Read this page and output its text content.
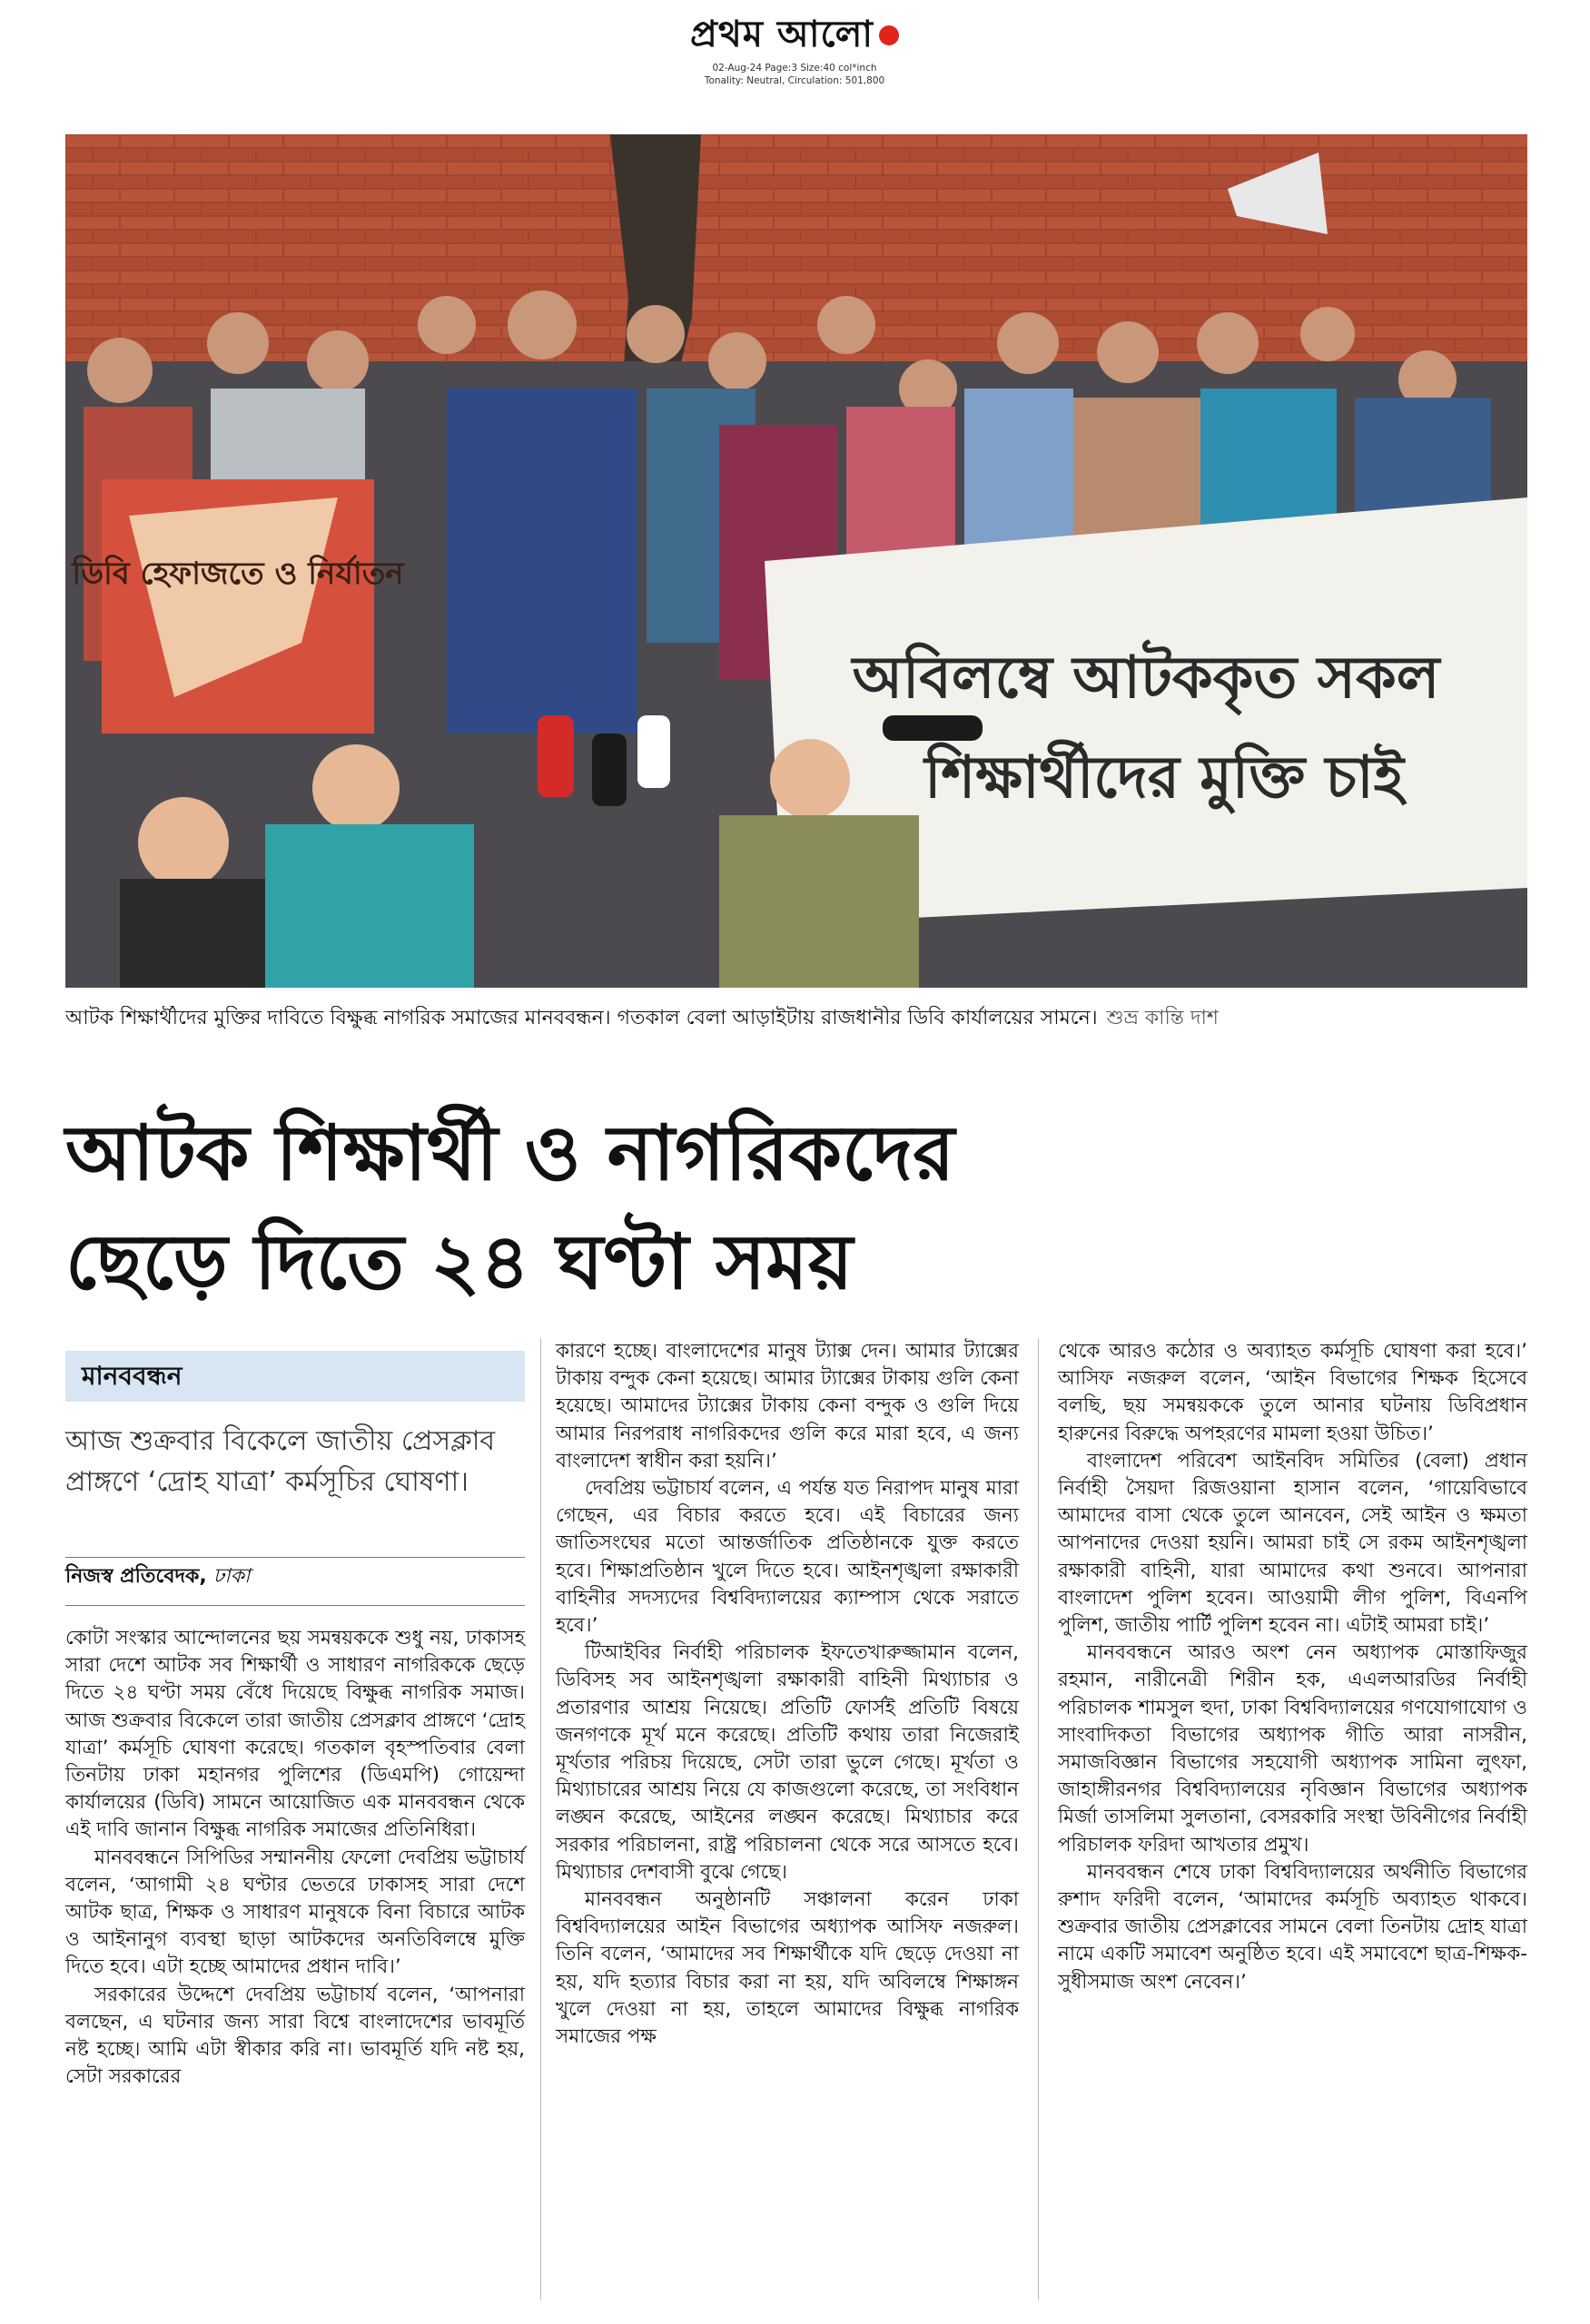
প্রথম আলো
02-Aug-24 Page:3 Size:40 col*inch
Tonality: Neutral, Circulation: 501,800
ডিবি হেফাজতে ও নির্যাতন
অবিলম্বে আটককৃত সকল
শিক্ষার্থীদের মুক্তি চাই
আটক শিক্ষার্থীদের মুক্তির দাবিতে বিক্ষুব্ধ নাগরিক সমাজের মানববন্ধন। গতকাল বেলা আড়াইটায় রাজধানীর ডিবি কার্যালয়ের সামনে। শুভ্র কান্তি দাশ
আটক শিক্ষার্থী ও নাগরিকদের
ছেড়ে দিতে ২৪ ঘণ্টা সময়
মানববন্ধন
আজ শুক্রবার বিকেলে জাতীয় প্রেসক্লাব প্রাঙ্গণে ‘দ্রোহ যাত্রা’ কর্মসূচির ঘোষণা।
নিজস্ব প্রতিবেদক, ঢাকা

কোটা সংস্কার আন্দোলনের ছয় সমন্বয়ককে শুধু নয়, ঢাকাসহ সারা দেশে আটক সব শিক্ষার্থী ও সাধারণ নাগরিককে ছেড়ে দিতে ২৪ ঘণ্টা সময় বেঁধে দিয়েছে বিক্ষুব্ধ নাগরিক সমাজ। আজ শুক্রবার বিকেলে তারা জাতীয় প্রেসক্লাব প্রাঙ্গণে ‘দ্রোহ যাত্রা’ কর্মসূচি ঘোষণা করেছে। গতকাল বৃহস্পতিবার বেলা তিনটায় ঢাকা মহানগর পুলিশের (ডিএমপি) গোয়েন্দা কার্যালয়ের (ডিবি) সামনে আয়োজিত এক মানববন্ধন থেকে এই দাবি জানান বিক্ষুব্ধ নাগরিক সমাজের প্রতিনিধিরা।

মানববন্ধনে সিপিডির সম্মাননীয় ফেলো দেবপ্রিয় ভট্টাচার্য বলেন, ‘আগামী ২৪ ঘণ্টার ভেতরে ঢাকাসহ সারা দেশে আটক ছাত্র, শিক্ষক ও সাধারণ মানুষকে বিনা বিচারে আটক ও আইনানুগ ব্যবস্থা ছাড়া আটকদের অনতিবিলম্বে মুক্তি দিতে হবে। এটা হচ্ছে আমাদের প্রধান দাবি।’

সরকারের উদ্দেশে দেবপ্রিয় ভট্টাচার্য বলেন, ‘আপনারা বলছেন, এ ঘটনার জন্য সারা বিশ্বে বাংলাদেশের ভাবমূর্তি নষ্ট হচ্ছে। আমি এটা স্বীকার করি না। ভাবমূর্তি যদি নষ্ট হয়, সেটা সরকারের

কারণে হচ্ছে। বাংলাদেশের মানুষ ট্যাক্স দেন। আমার ট্যাক্সের টাকায় বন্দুক কেনা হয়েছে। আমার ট্যাক্সের টাকায় গুলি কেনা হয়েছে। আমাদের ট্যাক্সের টাকায় কেনা বন্দুক ও গুলি দিয়ে আমার নিরপরাধ নাগরিকদের গুলি করে মারা হবে, এ জন্য বাংলাদেশ স্বাধীন করা হয়নি।’

দেবপ্রিয় ভট্টাচার্য বলেন, এ পর্যন্ত যত নিরাপদ মানুষ মারা গেছেন, এর বিচার করতে হবে। এই বিচারের জন্য জাতিসংঘের মতো আন্তর্জাতিক প্রতিষ্ঠানকে যুক্ত করতে হবে। শিক্ষাপ্রতিষ্ঠান খুলে দিতে হবে। আইনশৃঙ্খলা রক্ষাকারী বাহিনীর সদস্যদের বিশ্ববিদ্যালয়ের ক্যাম্পাস থেকে সরাতে হবে।’

টিআইবির নির্বাহী পরিচালক ইফতেখারুজ্জামান বলেন, ডিবিসহ সব আইনশৃঙ্খলা রক্ষাকারী বাহিনী মিথ্যাচার ও প্রতারণার আশ্রয় নিয়েছে। প্রতিটি ফোর্সই প্রতিটি বিষয়ে জনগণকে মূর্খ মনে করেছে। প্রতিটি কথায় তারা নিজেরাই মূর্খতার পরিচয় দিয়েছে, সেটা তারা ভুলে গেছে। মূর্খতা ও মিথ্যাচারের আশ্রয় নিয়ে যে কাজগুলো করেছে, তা সংবিধান লঙ্ঘন করেছে, আইনের লঙ্ঘন করেছে। মিথ্যাচার করে সরকার পরিচালনা, রাষ্ট্র পরিচালনা থেকে সরে আসতে হবে। মিথ্যাচার দেশবাসী বুঝে গেছে।

মানববন্ধন অনুষ্ঠানটি সঞ্চালনা করেন ঢাকা বিশ্ববিদ্যালয়ের আইন বিভাগের অধ্যাপক আসিফ নজরুল। তিনি বলেন, ‘আমাদের সব শিক্ষার্থীকে যদি ছেড়ে দেওয়া না হয়, যদি হত্যার বিচার করা না হয়, যদি অবিলম্বে শিক্ষাঙ্গন খুলে দেওয়া না হয়, তাহলে আমাদের বিক্ষুব্ধ নাগরিক সমাজের পক্ষ

থেকে আরও কঠোর ও অব্যাহত কর্মসূচি ঘোষণা করা হবে।’ আসিফ নজরুল বলেন, ‘আইন বিভাগের শিক্ষক হিসেবে বলছি, ছয় সমন্বয়ককে তুলে আনার ঘটনায় ডিবিপ্রধান হারুনের বিরুদ্ধে অপহরণের মামলা হওয়া উচিত।’

বাংলাদেশ পরিবেশ আইনবিদ সমিতির (বেলা) প্রধান নির্বাহী সৈয়দা রিজওয়ানা হাসান বলেন, ‘গায়েবিভাবে আমাদের বাসা থেকে তুলে আনবেন, সেই আইন ও ক্ষমতা আপনাদের দেওয়া হয়নি। আমরা চাই সে রকম আইনশৃঙ্খলা রক্ষাকারী বাহিনী, যারা আমাদের কথা শুনবে। আপনারা বাংলাদেশ পুলিশ হবেন। আওয়ামী লীগ পুলিশ, বিএনপি পুলিশ, জাতীয় পার্টি পুলিশ হবেন না। এটাই আমরা চাই।’

মানববন্ধনে আরও অংশ নেন অধ্যাপক মোস্তাফিজুর রহমান, নারীনেত্রী শিরীন হক, এএলআরডির নির্বাহী পরিচালক শামসুল হুদা, ঢাকা বিশ্ববিদ্যালয়ের গণযোগাযোগ ও সাংবাদিকতা বিভাগের অধ্যাপক গীতি আরা নাসরীন, সমাজবিজ্ঞান বিভাগের সহযোগী অধ্যাপক সামিনা লুৎফা, জাহাঙ্গীরনগর বিশ্ববিদ্যালয়ের নৃবিজ্ঞান বিভাগের অধ্যাপক মির্জা তাসলিমা সুলতানা, বেসরকারি সংস্থা উবিনীগের নির্বাহী পরিচালক ফরিদা আখতার প্রমুখ।

মানববন্ধন শেষে ঢাকা বিশ্ববিদ্যালয়ের অর্থনীতি বিভাগের রুশাদ ফরিদী বলেন, ‘আমাদের কর্মসূচি অব্যাহত থাকবে। শুক্রবার জাতীয় প্রেসক্লাবের সামনে বেলা তিনটায় দ্রোহ যাত্রা নামে একটি সমাবেশ অনুষ্ঠিত হবে। এই সমাবেশে ছাত্র-শিক্ষক-সুধীসমাজ অংশ নেবেন।’
